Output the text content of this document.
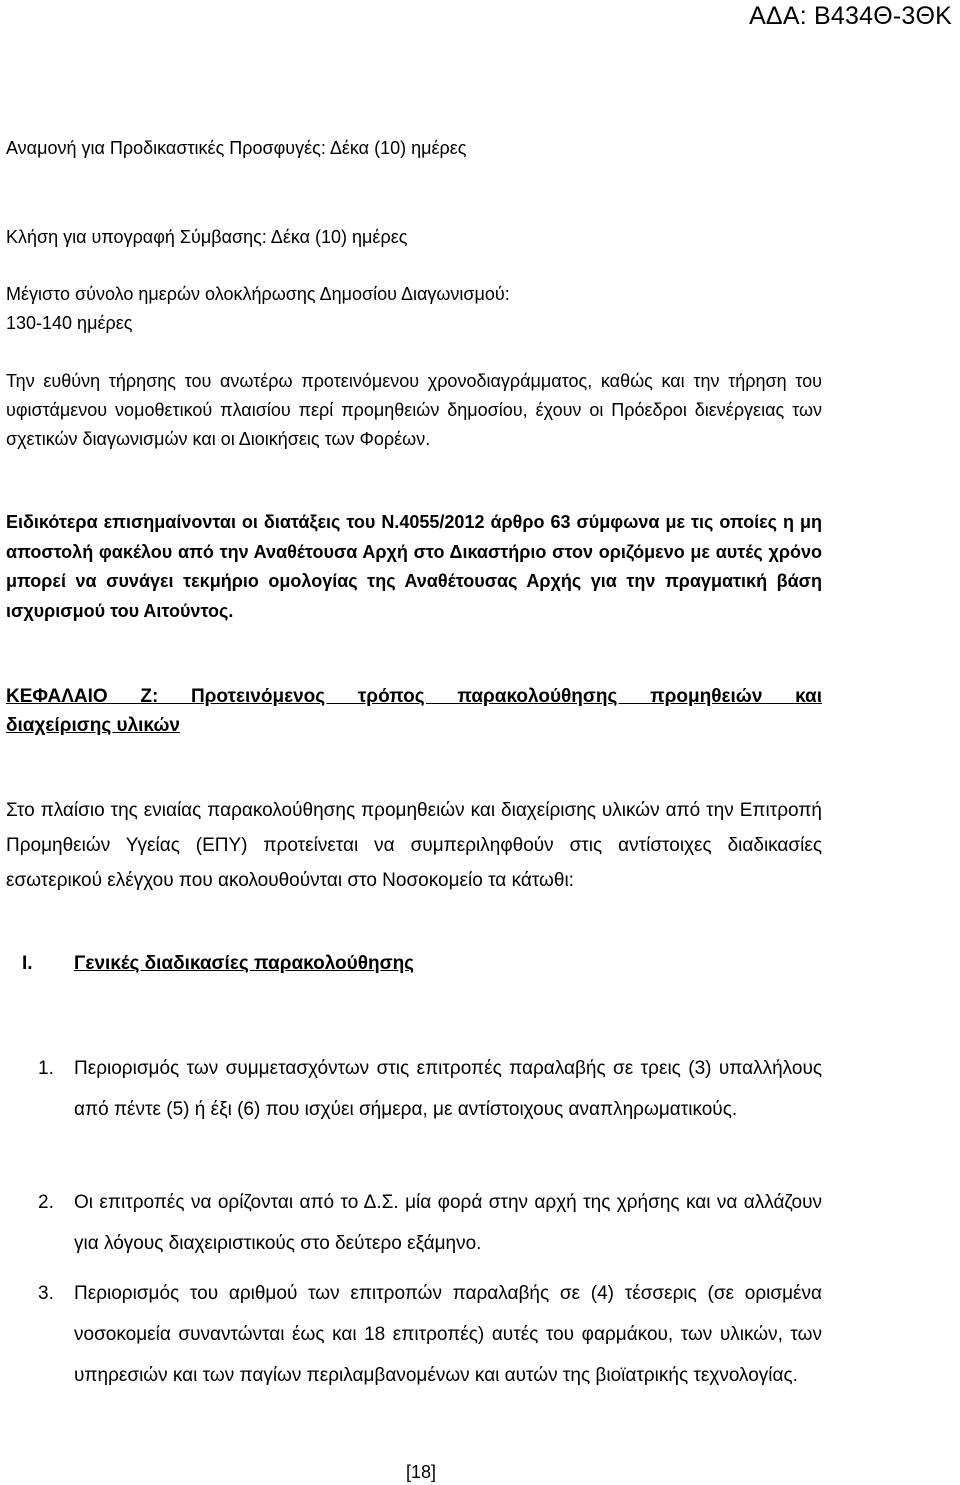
ΑΔΑ: Β434Θ-3ΘΚ
Αναμονή για Προδικαστικές Προσφυγές: Δέκα (10) ημέρες
Κλήση για υπογραφή Σύμβασης: Δέκα (10) ημέρες
Μέγιστο σύνολο ημερών ολοκλήρωσης Δημοσίου Διαγωνισμού:
130-140 ημέρες
Την ευθύνη τήρησης του ανωτέρω προτεινόμενου χρονοδιαγράμματος, καθώς και την τήρηση του υφιστάμενου νομοθετικού πλαισίου περί προμηθειών δημοσίου, έχουν οι Πρόεδροι διενέργειας των σχετικών διαγωνισμών και οι Διοικήσεις των Φορέων.
Ειδικότερα επισημαίνονται οι διατάξεις του Ν.4055/2012 άρθρο 63 σύμφωνα με τις οποίες η μη αποστολή φακέλου από την Αναθέτουσα Αρχή στο Δικαστήριο στον οριζόμενο με αυτές χρόνο μπορεί να συνάγει τεκμήριο ομολογίας της Αναθέτουσας Αρχής για την πραγματική βάση ισχυρισμού του Αιτούντος.
ΚΕΦΑΛΑΙΟ Ζ: Προτεινόμενος τρόπος παρακολούθησης προμηθειών και
διαχείρισης υλικών
Στο πλαίσιο της ενιαίας παρακολούθησης προμηθειών και διαχείρισης υλικών από την Επιτροπή Προμηθειών Υγείας (ΕΠΥ) προτείνεται να συμπεριληφθούν στις αντίστοιχες διαδικασίες εσωτερικού ελέγχου που ακολουθούνται στο Νοσοκομείο τα κάτωθι:
I. Γενικές διαδικασίες παρακολούθησης
1. Περιορισμός των συμμετασχόντων στις επιτροπές παραλαβής σε τρεις (3) υπαλλήλους από πέντε (5) ή έξι (6) που ισχύει σήμερα, με αντίστοιχους αναπληρωματικούς.
2. Οι επιτροπές να ορίζονται από το Δ.Σ. μία φορά στην αρχή της χρήσης και να αλλάζουν για λόγους διαχειριστικούς στο δεύτερο εξάμηνο.
3. Περιορισμός του αριθμού των επιτροπών παραλαβής σε (4) τέσσερις (σε ορισμένα νοσοκομεία συναντώνται έως και 18 επιτροπές) αυτές του φαρμάκου, των υλικών, των υπηρεσιών και των παγίων περιλαμβανομένων και αυτών της βιοϊατρικής τεχνολογίας.
[18]
